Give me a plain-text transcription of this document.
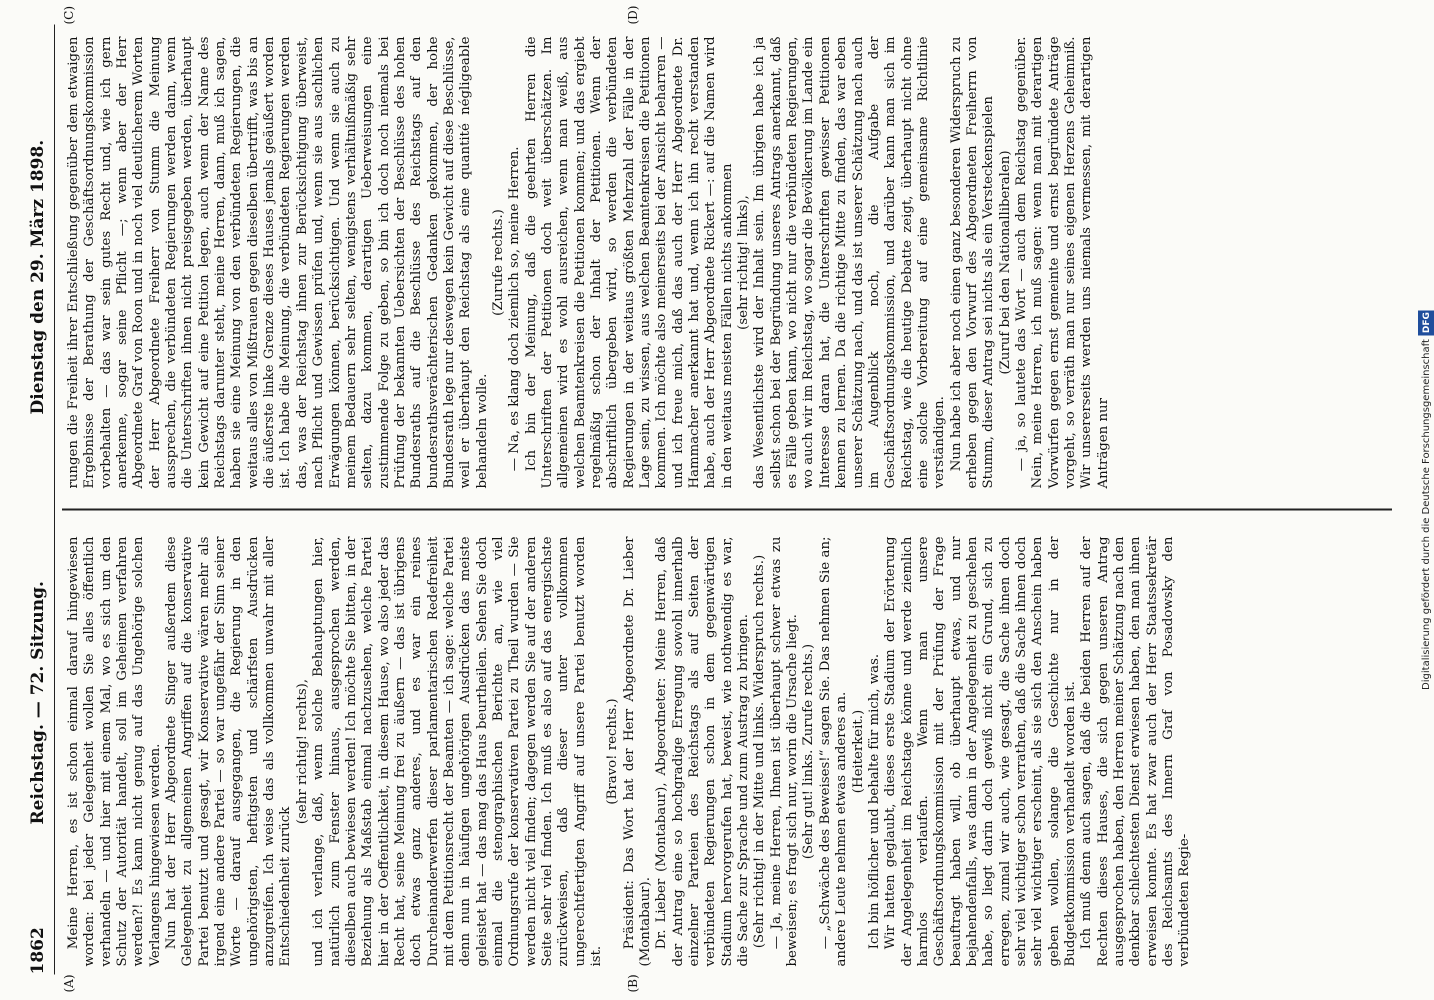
1862
Reichstag. — 72. Sitzung.
Dienstag den 29. März 1898.
(A)	(B)
(C)	(D)

Meine Herren, es ist schon einmal darauf hingewiesen worden: bei jeder Gelegenheit wollen Sie alles öffentlich verhandeln — und hier mit einem Mal, wo es sich um den Schutz der Autorität handelt, soll im Geheimen verfahren werden?! Es kann nicht genug auf das Ungehörige solchen Verlangens hingewiesen werden. Nun hat der Herr Abgeordnete Singer außerdem diese Gelegenheit zu allgemeinen Angriffen auf die konservative Partei benutzt und gesagt, wir Konservative wären mehr als irgend eine andere Partei — so war ungefähr der Sinn seiner Worte — darauf ausgegangen, die Regierung in den ungehörigsten, heftigsten und schärfsten Ausdrücken anzugreifen. Ich weise das als vollkommen unwahr mit aller Entschiedenheit zurück

(sehr richtig! rechts), und ich verlange, daß, wenn solche Behauptungen hier, natürlich zum Fenster hinaus, ausgesprochen werden, dieselben auch bewiesen werden! Ich möchte Sie bitten, in der Beziehung als Maßstab einmal nachzusehen, welche Partei hier in der Oeffentlichkeit, in diesem Hause, wo also jeder das Recht hat, seine Meinung frei zu äußern — das ist übrigens doch etwas ganz anderes, und es war ein reines Durcheinanderwerfen dieser parlamentarischen Redefreiheit mit dem Petitionsrecht der Beamten — ich sage: welche Partei denn nun in häufigen ungehörigen Ausdrücken das meiste geleistet hat — das mag das Haus beurtheilen. Sehen Sie doch einmal die stenographischen Berichte an, wie viel Ordnungsrufe der konservativen Partei zu Theil wurden — Sie werden nicht viel finden; dagegen werden Sie auf der anderen Seite sehr viel finden. Ich muß es also auf das energischste zurückweisen, daß dieser unter vollkommen ungerechtfertigten Angriff auf unsere Partei benutzt worden ist.

(Bravo! rechts.) Präsident: Das Wort hat der Herr Abgeordnete Dr. Lieber (Montabaur). Dr. Lieber (Montabaur), Abgeordneter: Meine Herren, daß der Antrag eine so hochgradige Erregung sowohl innerhalb einzelner Parteien des Reichstags als auf Seiten der verbündeten Regierungen schon in dem gegenwärtigen Stadium hervorgerufen hat, beweist, wie nothwendig es war, die Sache zur Sprache und zum Austrag zu bringen. (Sehr richtig! in der Mitte und links. Widerspruch rechts.) — Ja, meine Herren, Ihnen ist überhaupt schwer etwas zu beweisen; es fragt sich nur, worin die Ursache liegt. (Sehr gut! links. Zurufe rechts.) — „Schwäche des Beweises!“ sagen Sie. Das nehmen Sie an; andere Leute nehmen etwas anderes an. (Heiterkeit.) Ich bin höflicher und behalte für mich, was. Wir hatten geglaubt, dieses erste Stadium der Erörterung der Angelegenheit im Reichstage könne und werde ziemlich harmlos verlaufen. Wenn man unsere Geschäftsordnungskommission mit der Prüfung der Frage beauftragt haben will, ob überhaupt etwas, und nur bejahendenfalls, was dann in der Angelegenheit zu geschehen habe, so liegt darin doch gewiß nicht ein Grund, sich zu erregen, zumal wir auch, wie gesagt, die Sache ihnen doch sehr viel wichtiger schon verrathen, daß die Sache ihnen doch sehr viel wichtiger erscheint, als sie sich den Anschein haben geben wollen, solange die Geschichte nur in der Budgetkommission verhandelt worden ist. Ich muß denn auch sagen, daß die beiden Herren auf der Rechten dieses Hauses, die sich gegen unseren Antrag ausgesprochen haben, den Herren meiner Schätzung nach den denkbar schlechtesten Dienst erwiesen haben, den man ihnen erweisen konnte. Es hat zwar auch der Herr Staatssekretär des Reichsamts des Innern Graf von Posadowsky den verbündeten Regie-

rungen die Freiheit ihrer Entschließung gegenüber dem etwaigen Ergebnisse der Berathung der Geschäftsordnungskommission vorbehalten — das war sein gutes Recht und, wie ich gern anerkenne, sogar seine Pflicht —; wenn aber der Herr Abgeordnete Graf von Roon und in noch viel deutlicherem Worten der Herr Abgeordnete Freiherr von Stumm die Meinung aussprechen, die verbündeten Regierungen werden dann, wenn die Unterschriften ihnen nicht preisgegeben werden, überhaupt kein Gewicht auf eine Petition legen, auch wenn der Name des Reichstags darunter steht, meine Herren, dann, muß ich sagen, haben sie eine Meinung von den verbündeten Regierungen, die weitaus alles von Mißtrauen gegen dieselben übertrifft, was bis an die äußerste linke Grenze dieses Hauses jemals geäußert worden ist. Ich habe die Meinung, die verbündeten Regierungen werden das, was der Reichstag ihnen zur Berücksichtigung überweist, nach Pflicht und Gewissen prüfen und, wenn sie aus sachlichen Erwägungen können, berücksichtigen. Und wenn sie auch zu meinem Bedauern sehr selten, wenigstens verhältnißmäßig sehr selten, dazu kommen, derartigen Ueberweisungen eine zustimmende Folge zu geben, so bin ich doch noch niemals bei Prüfung der bekannten Uebersichten der Beschlüsse des hohen Bundesraths auf die Beschlüsse des Reichstags auf den bundesrathsverächterischen Gedanken gekommen, der hohe Bundesrath lege nur deswegen kein Gewicht auf diese Beschlüsse, weil er überhaupt den Reichstag als eine quantité négligeable behandeln wolle.

(Zurufe rechts.) — Na, es klang doch ziemlich so, meine Herren. Ich bin der Meinung, daß die geehrten Herren die Unterschriften der Petitionen doch weit überschätzen. Im allgemeinen wird es wohl ausreichen, wenn man weiß, aus welchen Beamtenkreisen die Petitionen kommen; und das ergiebt regelmäßig schon der Inhalt der Petitionen. Wenn der abschriftlich übergeben wird, so werden die verbündeten Regierungen in der weitaus größten Mehrzahl der Fälle in der Lage sein, zu wissen, aus welchen Beamtenkreisen die Petitionen kommen. Ich möchte also meinerseits bei der Ansicht beharren — und ich freue mich, daß das auch der Herr Abgeordnete Dr. Hammacher anerkannt hat und, wenn ich ihn recht verstanden habe, auch der Herr Abgeordnete Rickert —: auf die Namen wird in den weitaus meisten Fällen nichts ankommen (sehr richtig! links), das Wesentlichste wird der Inhalt sein. Im übrigen habe ich ja selbst schon bei der Begründung unseres Antrags anerkannt, daß es Fälle geben kann, wo nicht nur die verbündeten Regierungen, wo auch wir im Reichstag, wo sogar die Bevölkerung im Lande ein Interesse daran hat, die Unterschriften gewisser Petitionen kennen zu lernen. Da die richtige Mitte zu finden, das war eben unserer Schätzung nach, und das ist unserer Schätzung nach auch im Augenblick noch, die Aufgabe der Geschäftsordnungskommission, und darüber kann man sich im Reichstag, wie die heutige Debatte zeigt, überhaupt nicht ohne eine solche Vorbereitung auf eine gemeinsame Richtlinie verständigen. Nun habe ich aber noch einen ganz besonderen Widerspruch zu erheben gegen den Vorwurf des Abgeordneten Freiherrn von Stumm, dieser Antrag sei nichts als ein Versteckenspielen (Zuruf bei den Nationalliberalen) — ja, so lautete das Wort — auch dem Reichstag gegenüber. Nein, meine Herren, ich muß sagen: wenn man mit derartigen Vorwürfen gegen ernst gemeinte und ernst begründete Anträge vorgeht, so verräth man nur seines eigenen Herzens Geheimniß. Wir unsererseits werden uns niemals vermessen, mit derartigen Anträgen nur	Digitalisierung gefördert durch die Deutsche ForschungsgemeinschaftDFG
